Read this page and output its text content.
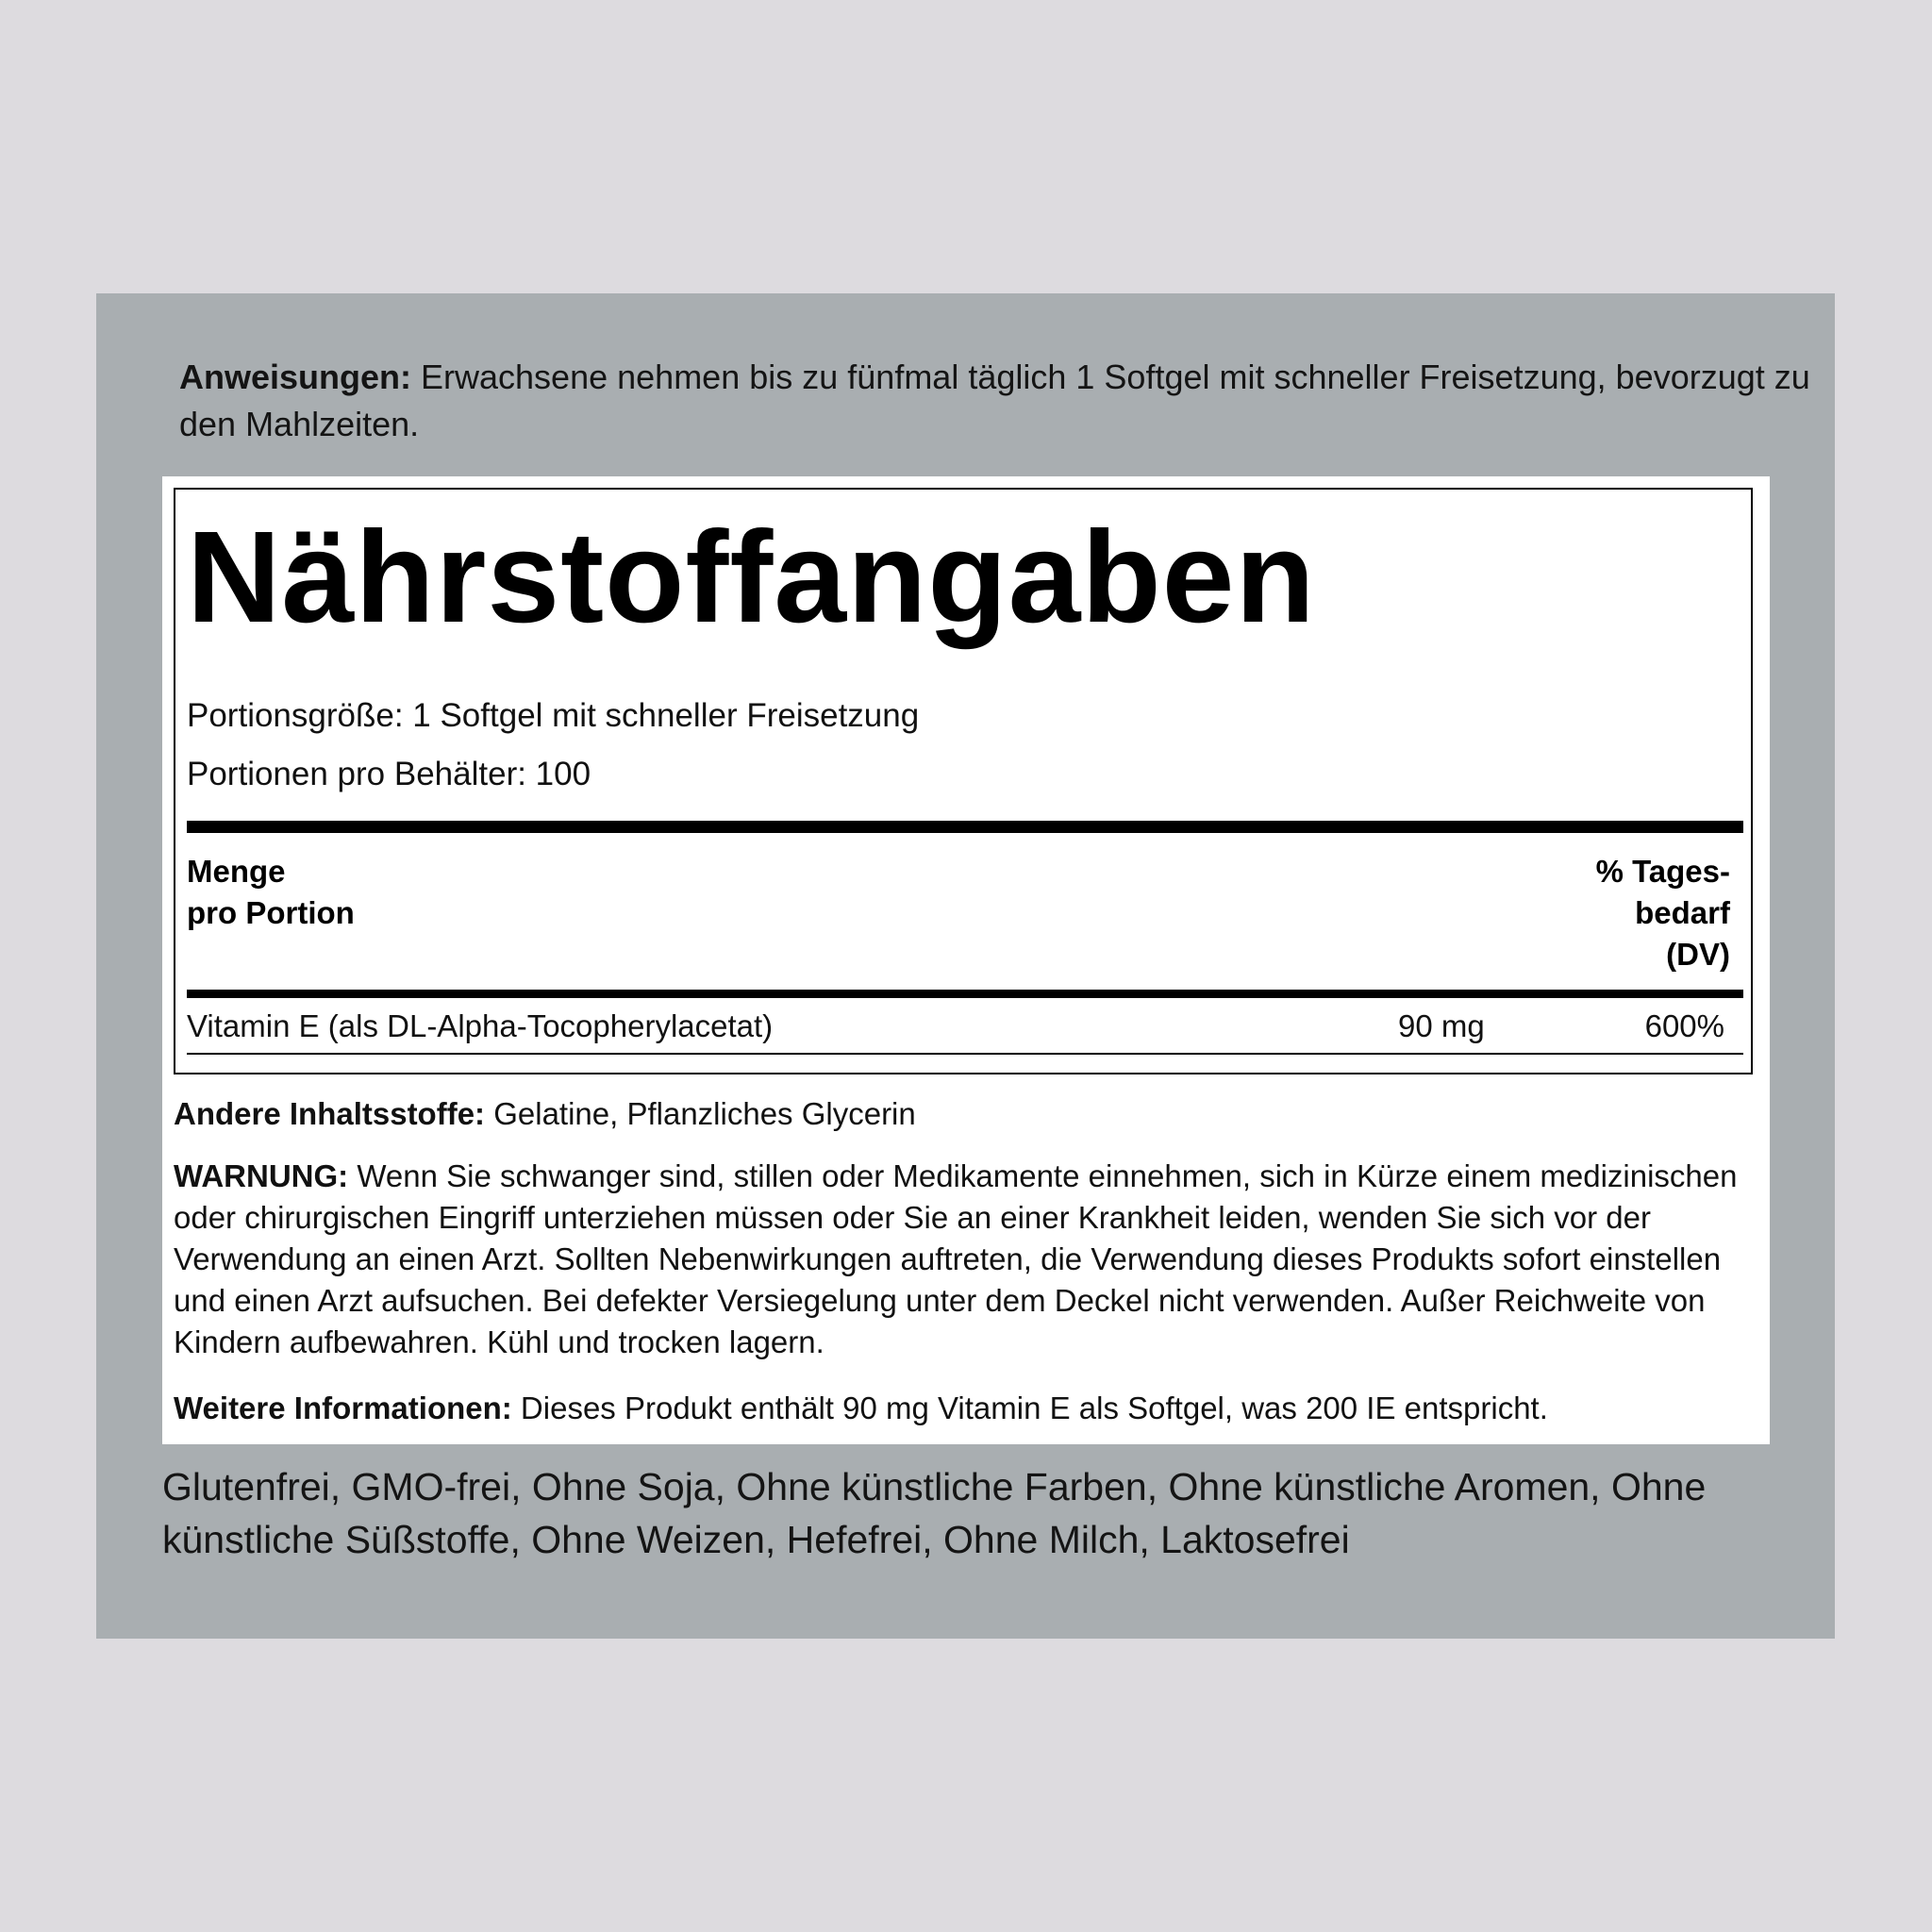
Anweisungen: Erwachsene nehmen bis zu fünfmal täglich 1 Softgel mit schneller Freisetzung, bevorzugt zu den Mahlzeiten.
Nährstoffangaben
Portionsgröße: 1 Softgel mit schneller Freisetzung
Portionen pro Behälter: 100
Menge
pro Portion
% Tages-
bedarf
(DV)
Vitamin E (als DL-Alpha-Tocopherylacetat)	90 mg	600%
Andere Inhaltsstoffe: Gelatine, Pflanzliches Glycerin
WARNUNG: Wenn Sie schwanger sind, stillen oder Medikamente einnehmen, sich in Kürze einem medizinischen oder chirurgischen Eingriff unterziehen müssen oder Sie an einer Krankheit leiden, wenden Sie sich vor der Verwendung an einen Arzt. Sollten Nebenwirkungen auftreten, die Verwendung dieses Produkts sofort einstellen und einen Arzt aufsuchen. Bei defekter Versiegelung unter dem Deckel nicht verwenden. Außer Reichweite von Kindern aufbewahren. Kühl und trocken lagern.
Weitere Informationen: Dieses Produkt enthält 90 mg Vitamin E als Softgel, was 200 IE entspricht.
Glutenfrei, GMO-frei, Ohne Soja, Ohne künstliche Farben, Ohne künstliche Aromen, Ohne künstliche Süßstoffe, Ohne Weizen, Hefefrei, Ohne Milch, Laktosefrei
